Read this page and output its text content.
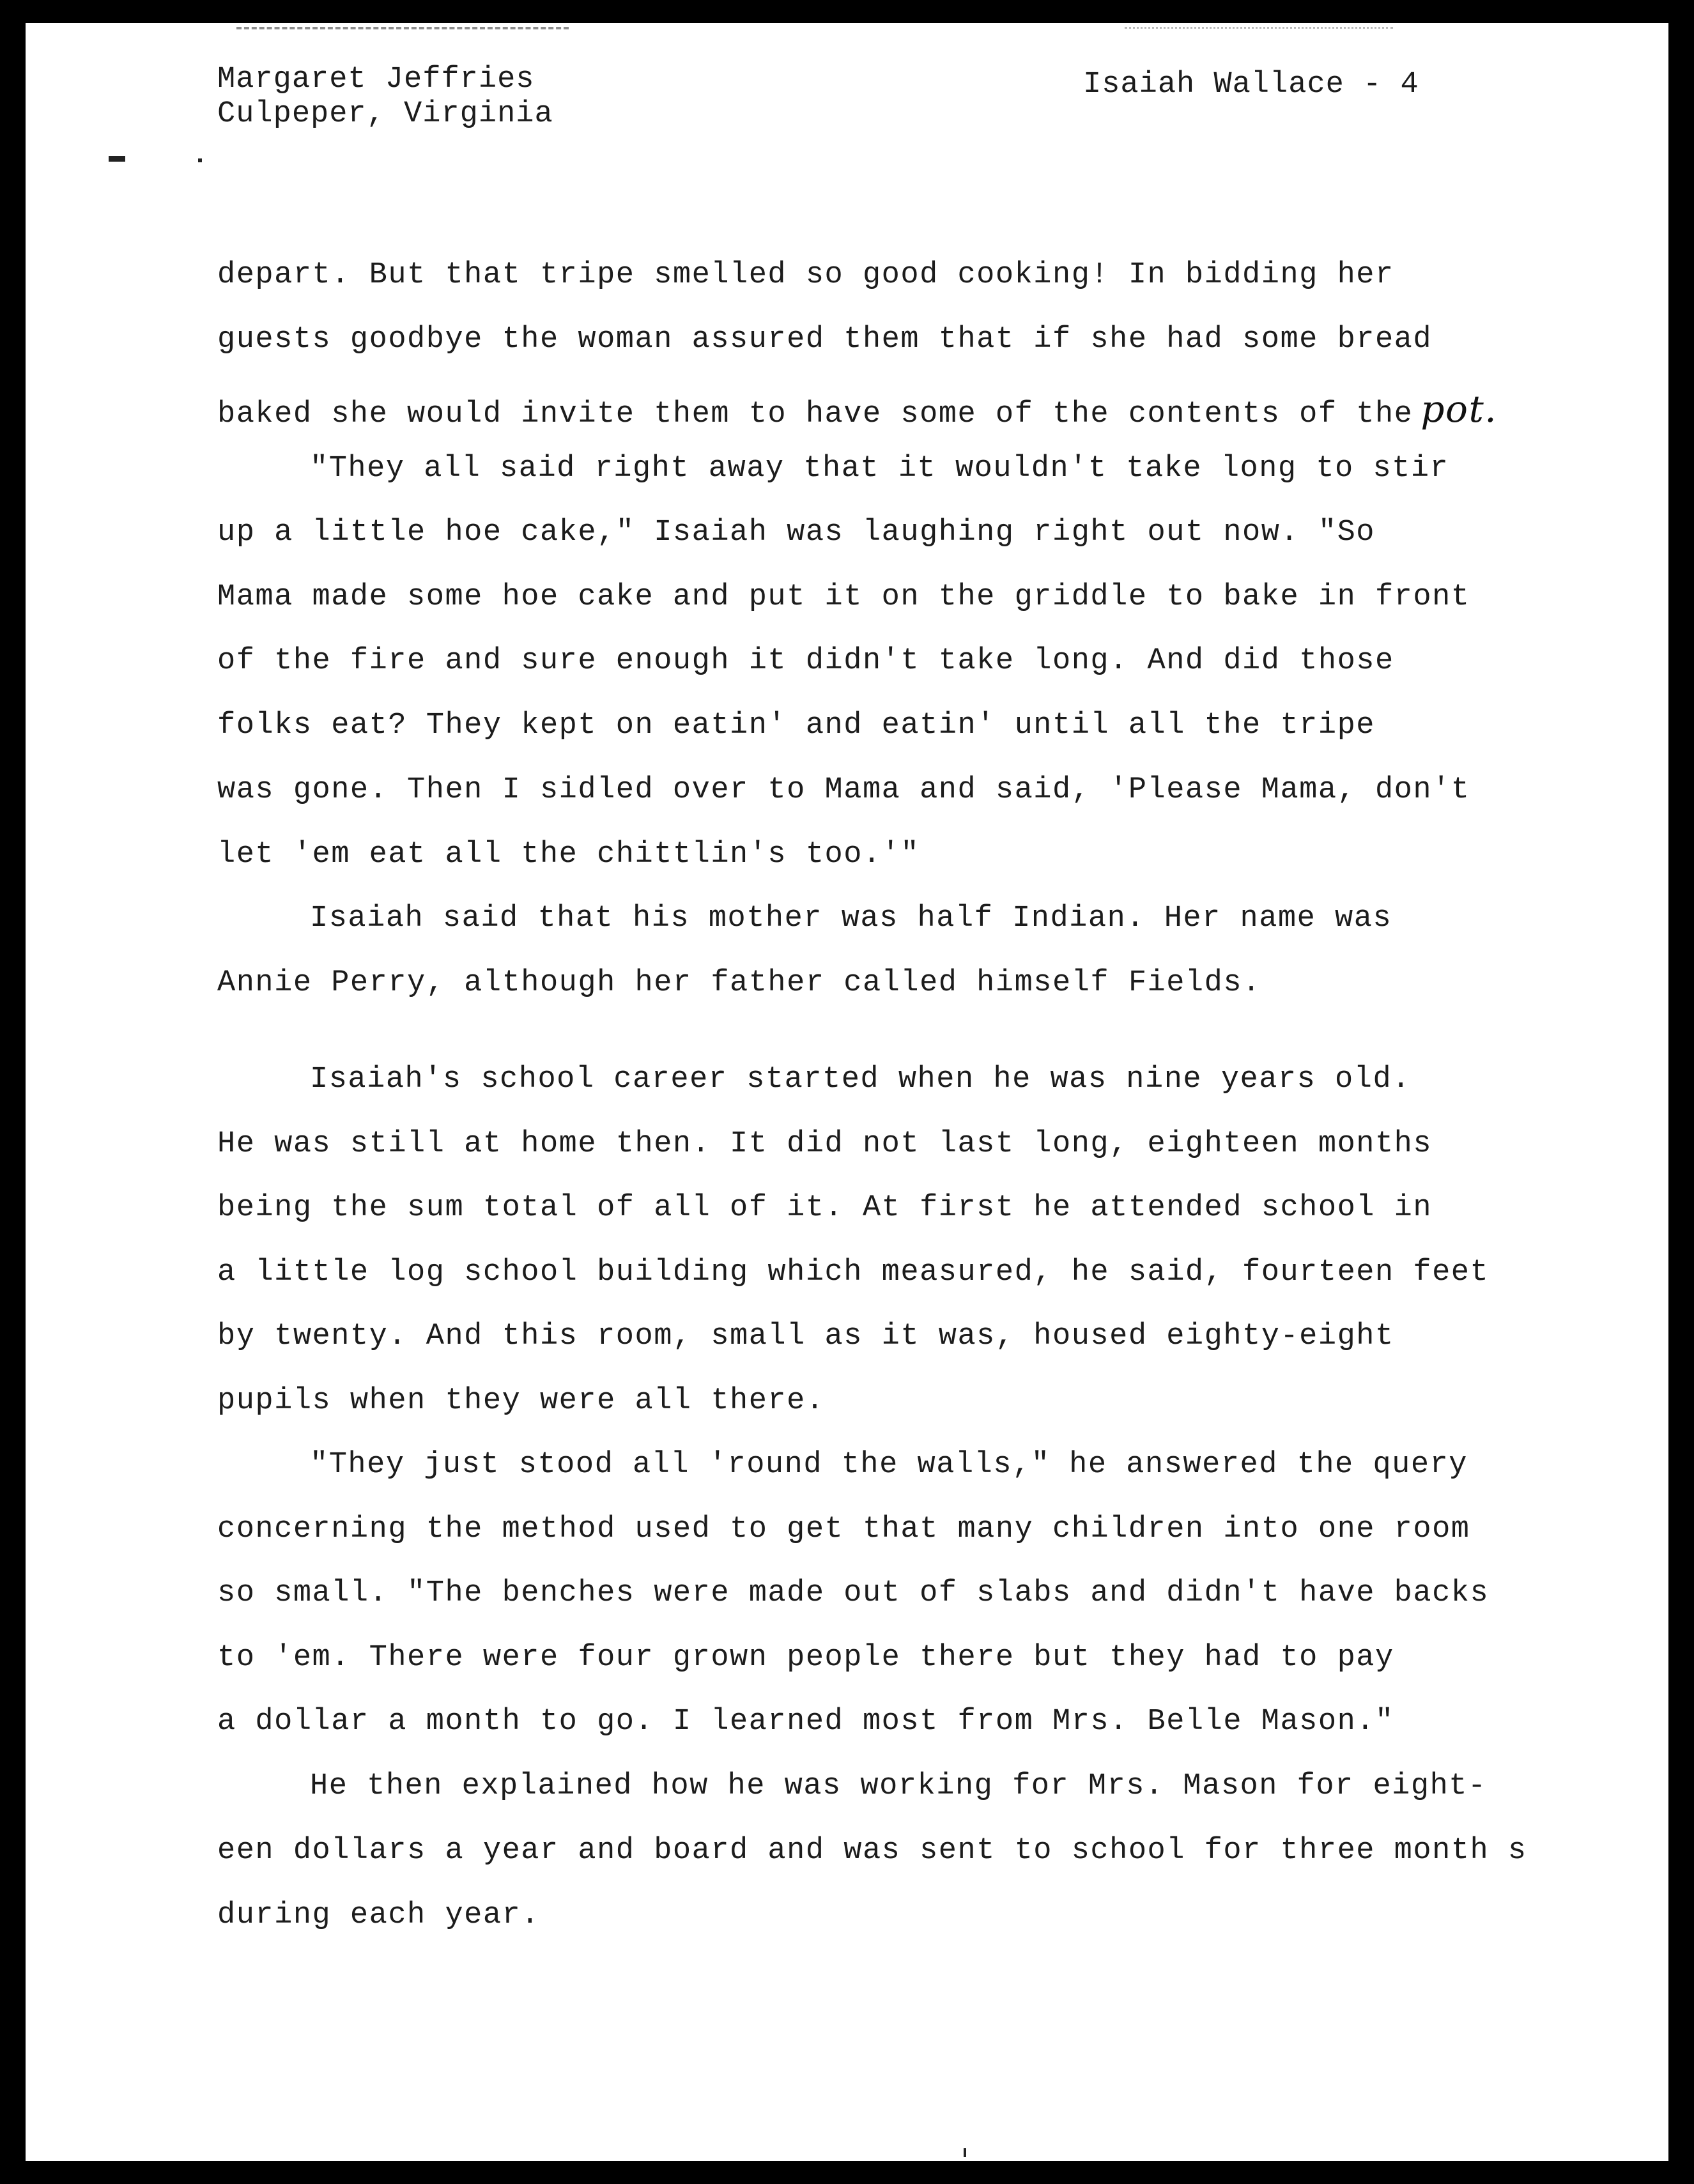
Margaret Jeffries
Culpeper, Virginia
Isaiah Wallace - 4
depart. But that tripe smelled so good cooking! In bidding her
guests goodbye the woman assured them that if she had some bread
baked she would invite them to have some of the contents of the pot.
"They all said right away that it wouldn't take long to stir
up a little hoe cake," Isaiah was laughing right out now. "So
Mama made some hoe cake and put it on the griddle to bake in front
of the fire and sure enough it didn't take long. And did those
folks eat? They kept on eatin' and eatin' until all the tripe
was gone. Then I sidled over to Mama and said, 'Please Mama, don't
let 'em eat all the chittlin's too.'"
Isaiah said that his mother was half Indian. Her name was
Annie Perry, although her father called himself Fields.
Isaiah's school career started when he was nine years old.
He was still at home then. It did not last long, eighteen months
being the sum total of all of it. At first he attended school in
a little log school building which measured, he said, fourteen feet
by twenty. And this room, small as it was, housed eighty-eight
pupils when they were all there.
"They just stood all 'round the walls," he answered the query
concerning the method used to get that many children into one room
so small. "The benches were made out of slabs and didn't have backs
to 'em. There were four grown people there but they had to pay
a dollar a month to go. I learned most from Mrs. Belle Mason."
He then explained how he was working for Mrs. Mason for eight-
een dollars a year and board and was sent to school for three month s
during each year.
